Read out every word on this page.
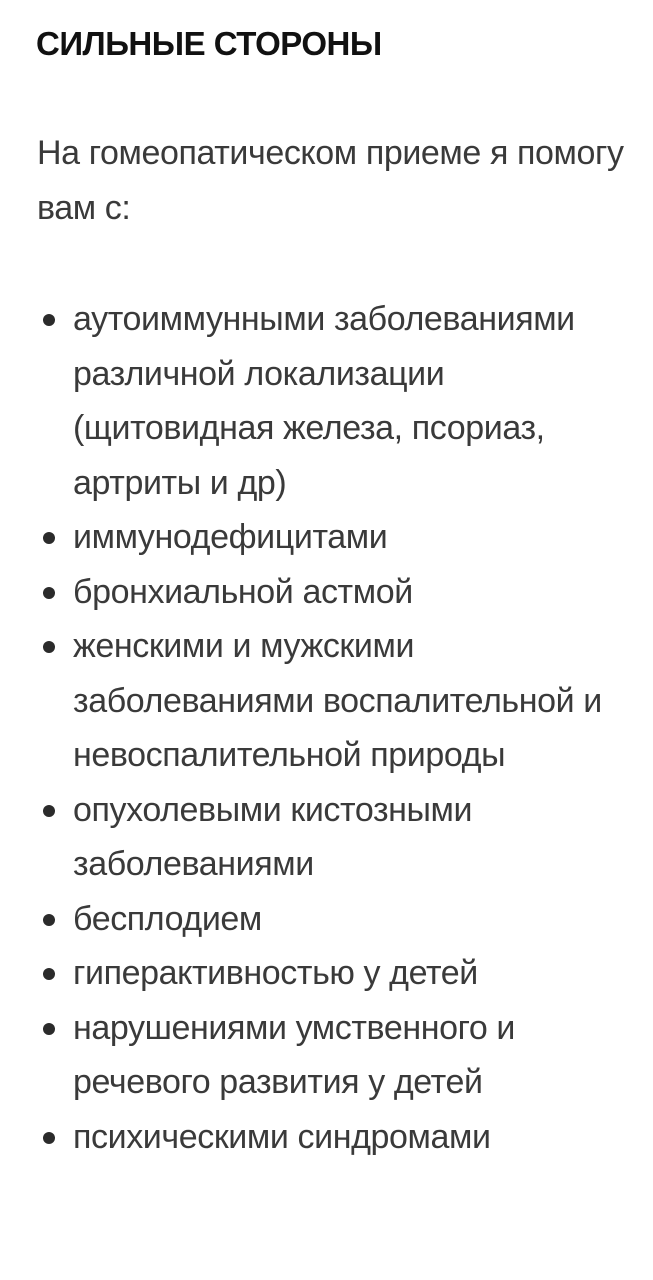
СИЛЬНЫЕ СТОРОНЫ

На гомеопатическом приеме я помогу вам с:

аутоиммунными заболеваниями различной локализации (щитовидная железа, псориаз, артриты и др)
иммунодефицитами
бронхиальной астмой
женскими и мужскими заболеваниями воспалительной и невоспалительной природы
опухолевыми кистозными заболеваниями
бесплодием
гиперактивностью у детей
нарушениями умственного и речевого развития у детей
психическими синдромами
